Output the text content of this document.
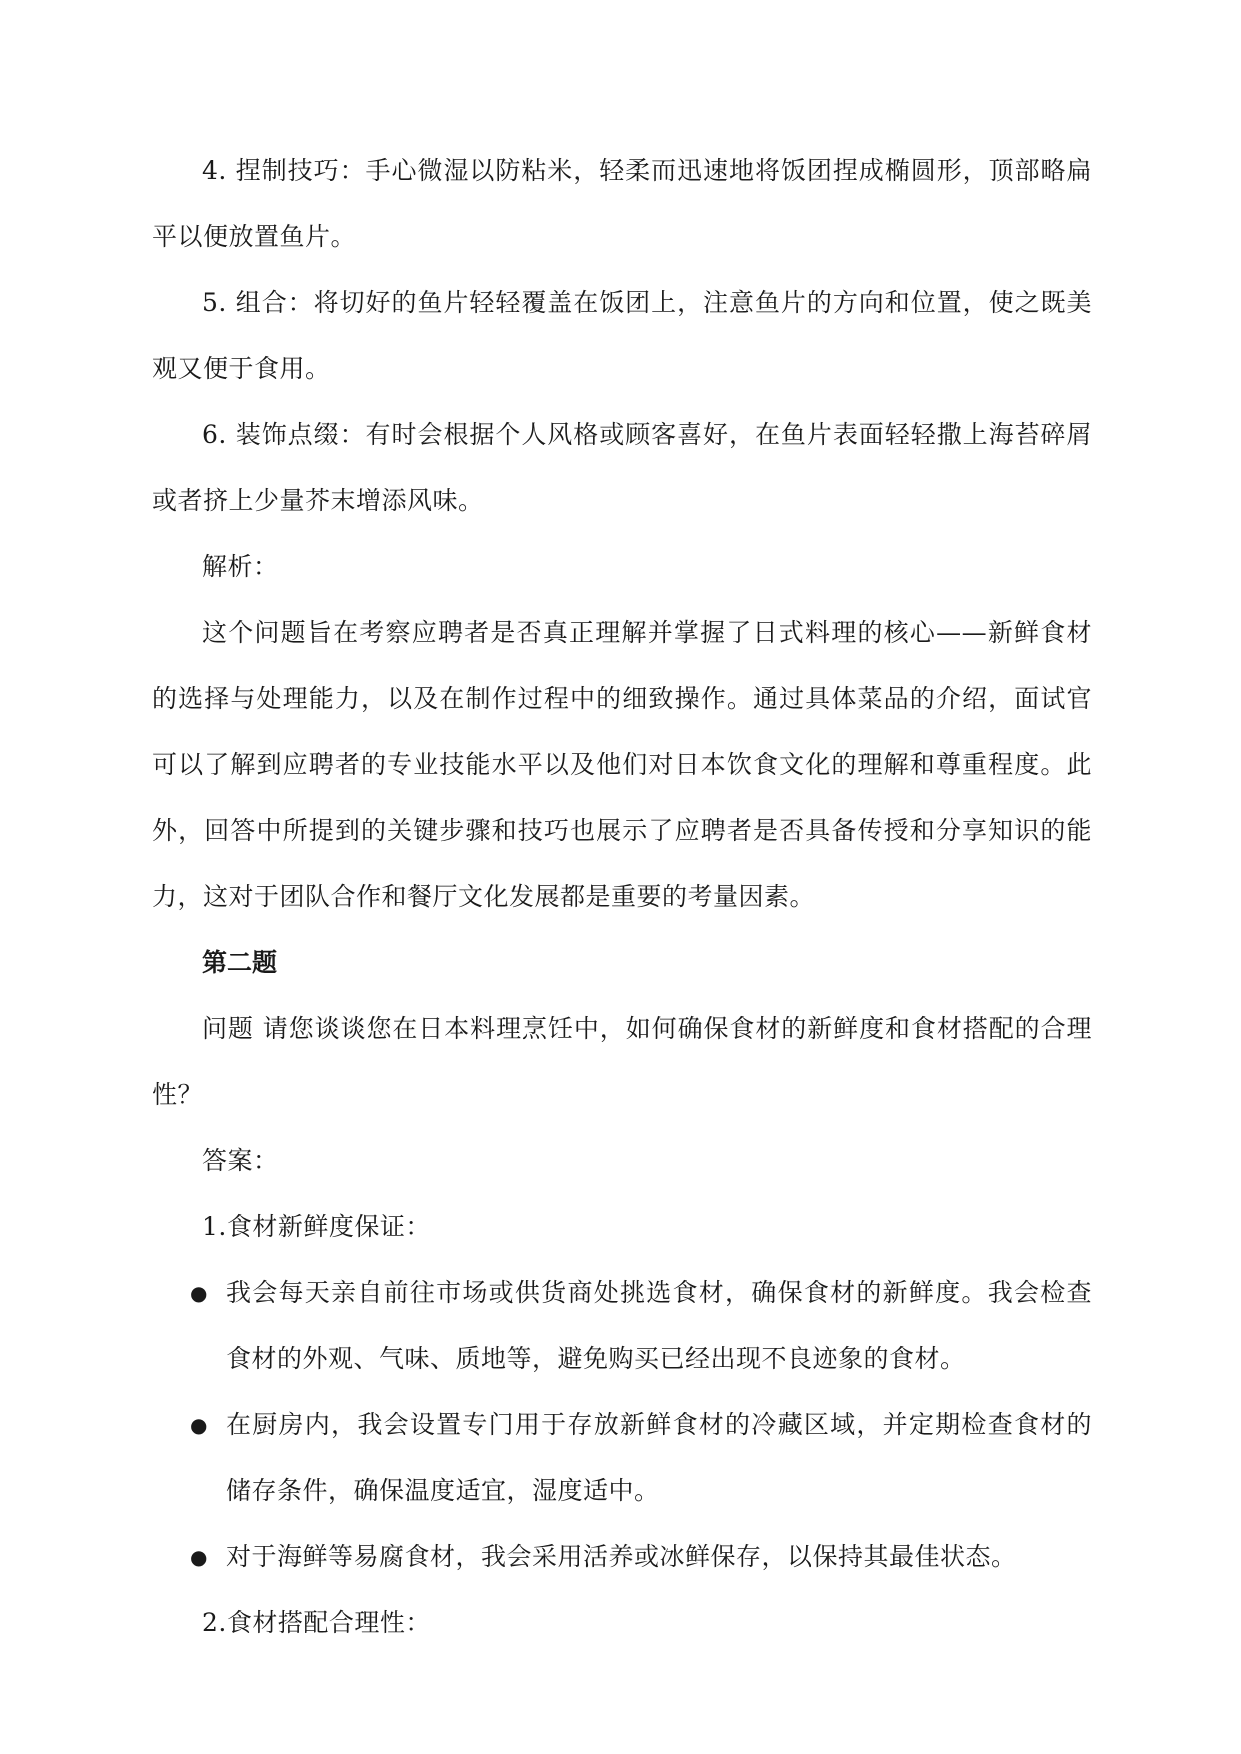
4. 捏制技巧：手心微湿以防粘米，轻柔而迅速地将饭团捏成椭圆形，顶部略扁平以便放置鱼片。

5. 组合：将切好的鱼片轻轻覆盖在饭团上，注意鱼片的方向和位置，使之既美观又便于食用。

6. 装饰点缀：有时会根据个人风格或顾客喜好，在鱼片表面轻轻撒上海苔碎屑或者挤上少量芥末增添风味。

解析：

这个问题旨在考察应聘者是否真正理解并掌握了日式料理的核心——新鲜食材的选择与处理能力，以及在制作过程中的细致操作。通过具体菜品的介绍，面试官可以了解到应聘者的专业技能水平以及他们对日本饮食文化的理解和尊重程度。此外，回答中所提到的关键步骤和技巧也展示了应聘者是否具备传授和分享知识的能力，这对于团队合作和餐厅文化发展都是重要的考量因素。

第二题

问题 请您谈谈您在日本料理烹饪中，如何确保食材的新鲜度和食材搭配的合理性？

答案：

1.食材新鲜度保证：

● 我会每天亲自前往市场或供货商处挑选食材，确保食材的新鲜度。我会检查食材的外观、气味、质地等，避免购买已经出现不良迹象的食材。
● 在厨房内，我会设置专门用于存放新鲜食材的冷藏区域，并定期检查食材的储存条件，确保温度适宜，湿度适中。
● 对于海鲜等易腐食材，我会采用活养或冰鲜保存，以保持其最佳状态。

2.食材搭配合理性：
